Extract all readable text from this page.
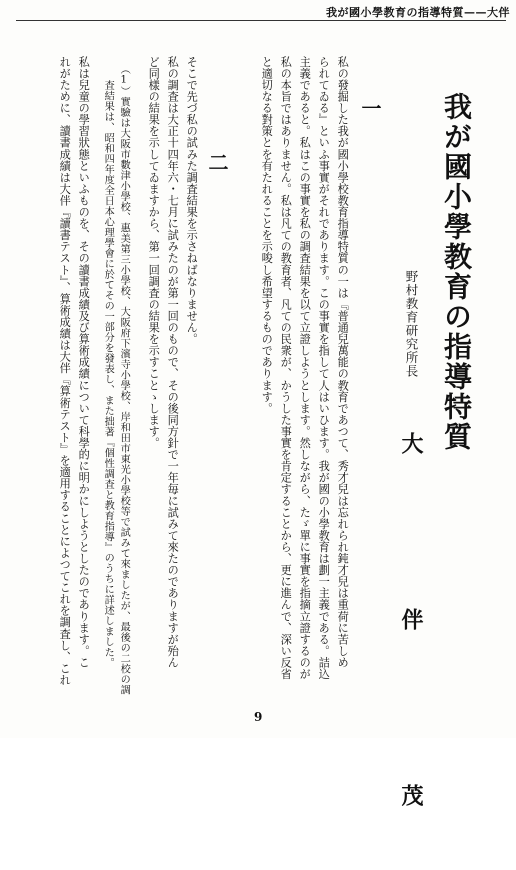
我が國小學教育の指導特質——大伴
我が國小學教育の指導特質
野村教育研究所長
大 伴 茂
一
私の發掘した我が國小學校教育指導特質の一は『普通兒萬能の教育であつて、秀才兒は忘れられ鈍才兒は重荷に苦しめ
られてゐる』といふ事實がそれであります。この事實を指して人はいひます。我が國の小學教育は劃一主義である。詰込
主義であると。私はこの事實を私の調査結果を以て立證しようとします。然しながら、たゞ單に事實を指摘立證するのが
私の本旨ではありません。私は凡ての教育者、凡ての民衆が、かうした事實を肯定することから、更に進んで、深い反省
と適切なる對策とを有たれることを示唆し希望するものであります。
二
そこで先づ私の試みた調査結果を示さねばなりません。
私の調査は大正十四年六・七月に試みたのが第一回のもので、その後同方針で一年毎に試みて來たのでありますが殆ん
ど同樣の結果を示してゐますから、第一回調査の結果を示すことゝします。
（1）實驗は大阪市數津小學校、惠美第三小學校、大阪府下濱寺小學校、岸和田市東光小學校等で試みて來ましたが、最後の二校の調
査結果は、昭和四年度全日本心理學會に於てその一部分を發表し、また拙著『個性調査と教育指導』のうちに詳述しました。
私は兒童の學習狀態といふものを、その讀書成績及び算術成績について科學的に明かにしようとしたのであります。こ
れがために、讀書成績は大伴『讀書テスト』、算術成績は大伴『算術テスト』を適用することによつてこれを調査し、これ
9
